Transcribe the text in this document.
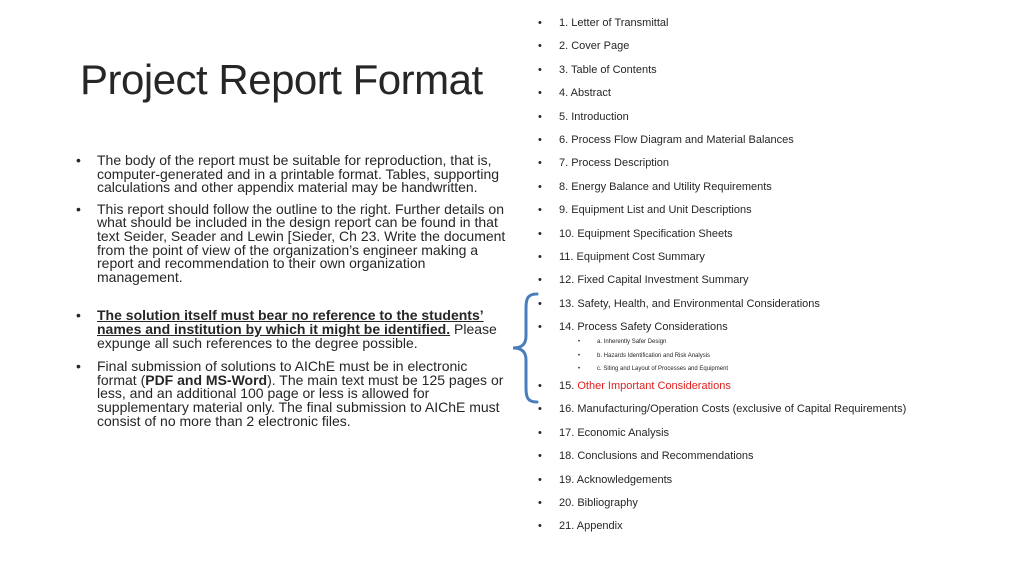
Project Report Format
• The body of the report must be suitable for reproduction, that is, computer-generated and in a printable format. Tables, supporting calculations and other appendix material may be handwritten.
• This report should follow the outline to the right. Further details on what should be included in the design report can be found in that text Seider, Seader and Lewin [Sieder, Ch 23. Write the document from the point of view of the organization’s engineer making a report and recommendation to their own organization management.
• The solution itself must bear no reference to the students’ names and institution by which it might be identified. Please expunge all such references to the degree possible.
• Final submission of solutions to AIChE must be in electronic format (PDF and MS-Word). The main text must be 125 pages or less, and an additional 100 page or less is allowed for supplementary material only. The final submission to AIChE must consist of no more than 2 electronic files.
• 1. Letter of Transmittal
• 2. Cover Page
• 3. Table of Contents
• 4. Abstract
• 5. Introduction
• 6. Process Flow Diagram and Material Balances
• 7. Process Description
• 8. Energy Balance and Utility Requirements
• 9. Equipment List and Unit Descriptions
• 10. Equipment Specification Sheets
• 11. Equipment Cost Summary
• 12. Fixed Capital Investment Summary
• 13. Safety, Health, and Environmental Considerations
• 14. Process Safety Considerations
•	a. Inherently Safer Design
•	b. Hazards Identification and Risk Analysis
•	c. Siting and Layout of Processes and Equipment
• 15. Other Important Considerations
• 16. Manufacturing/Operation Costs (exclusive of Capital Requirements)
• 17. Economic Analysis
• 18. Conclusions and Recommendations
• 19. Acknowledgements
• 20. Bibliography
• 21. Appendix
